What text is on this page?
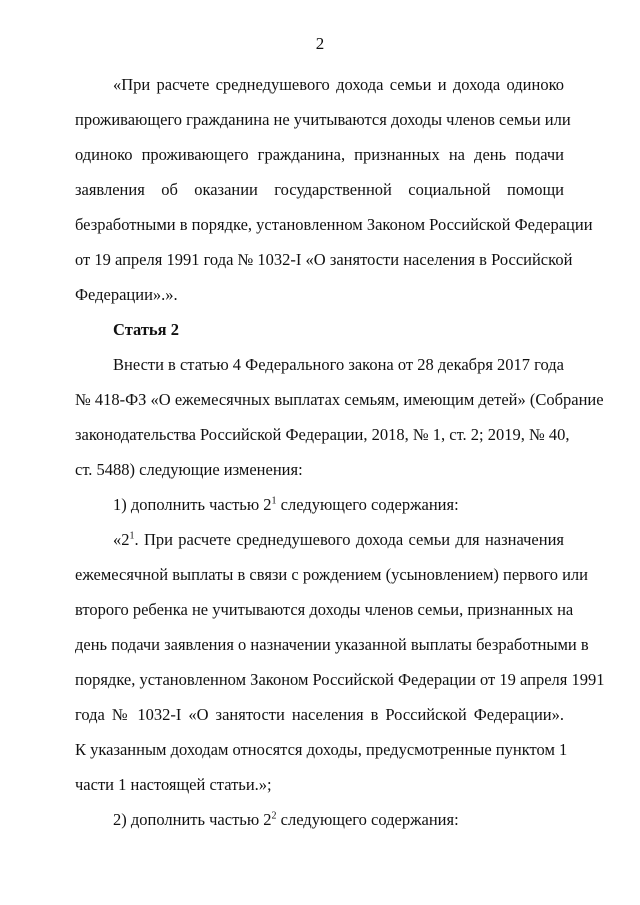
2
«При расчете среднедушевого дохода семьи и дохода одиноко
проживающего гражданина не учитываются доходы членов семьи или
одиноко проживающего гражданина, признанных на день подачи
заявления об оказании государственной социальной помощи
безработными в порядке, установленном Законом Российской Федерации
от 19 апреля 1991 года № 1032-I «О занятости населения в Российской
Федерации».».
Статья 2
Внести в статью 4 Федерального закона от 28 декабря 2017 года
№ 418-ФЗ «О ежемесячных выплатах семьям, имеющим детей» (Собрание
законодательства Российской Федерации, 2018, № 1, ст. 2; 2019, № 40,
ст. 5488) следующие изменения:
1) дополнить частью $2^1$ следующего содержания:
«$2^1$. При расчете среднедушевого дохода семьи для назначения
ежемесячной выплаты в связи с рождением (усыновлением) первого или
второго ребенка не учитываются доходы членов семьи, признанных на
день подачи заявления о назначении указанной выплаты безработными в
порядке, установленном Законом Российской Федерации от 19 апреля 1991
года № 1032-I «О занятости населения в Российской Федерации».
К указанным доходам относятся доходы, предусмотренные пунктом 1
части 1 настоящей статьи.»;
2) дополнить частью $2^2$ следующего содержания:
